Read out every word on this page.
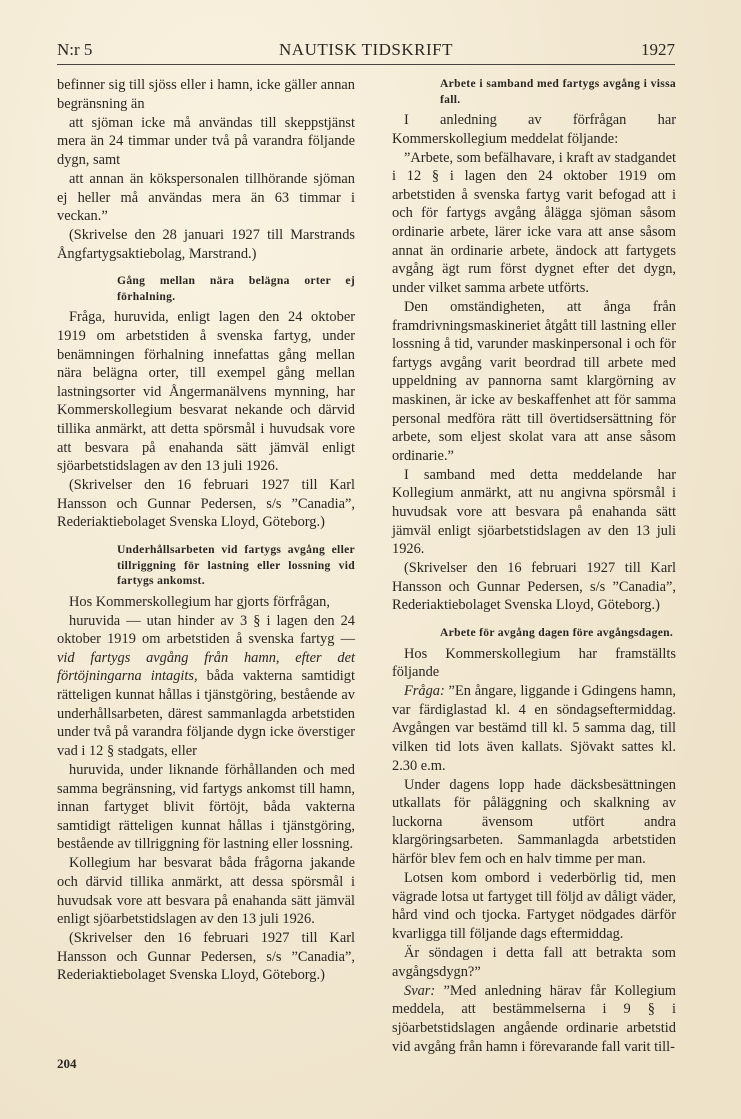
NAUTISK TIDSKRIFT
N:r 5	1927

befinner sig till sjöss eller i hamn, icke gäller annan begränsning än

att sjöman icke må användas till skeppstjänst mera än 24 timmar under två på varandra följande dygn, samt

att annan än kökspersonalen tillhörande sjöman ej heller må användas mera än 63 timmar i veckan.”

(Skrivelse den 28 januari 1927 till Marstrands Ångfartygsaktiebolag, Marstrand.)

Gång mellan nära belägna orter ej förhalning.

Fråga, huruvida, enligt lagen den 24 oktober 1919 om arbetstiden å svenska fartyg, under benämningen förhalning innefattas gång mellan nära belägna orter, till exempel gång mellan lastningsorter vid Ångermanälvens mynning, har Kommerskollegium besvarat nekande och därvid tillika anmärkt, att detta spörsmål i huvudsak vore att besvara på enahanda sätt jämväl enligt sjöarbetstidslagen av den 13 juli 1926.

(Skrivelser den 16 februari 1927 till Karl Hansson och Gunnar Pedersen, s/s ”Canadia”, Rederiaktiebolaget Svenska Lloyd, Göteborg.)

Underhållsarbeten vid fartygs avgång eller tillriggning för lastning eller lossning vid fartygs ankomst.

Hos Kommerskollegium har gjorts förfrågan,

huruvida — utan hinder av 3 § i lagen den 24 oktober 1919 om arbetstiden å svenska fartyg — vid fartygs avgång från hamn, efter det förtöjningarna intagits, båda vakterna samtidigt rätteligen kunnat hållas i tjänstgöring, bestående av underhållsarbeten, därest sammanlagda arbetstiden under två på varandra följande dygn icke överstiger vad i 12 § stadgats, eller

huruvida, under liknande förhållanden och med samma begränsning, vid fartygs ankomst till hamn, innan fartyget blivit förtöjt, båda vakterna samtidigt rätteligen kunnat hållas i tjänstgöring, bestående av tillriggning för lastning eller lossning.

Kollegium har besvarat båda frågorna jakande och därvid tillika anmärkt, att dessa spörsmål i huvudsak vore att besvara på enahanda sätt jämväl enligt sjöarbetstidslagen av den 13 juli 1926.

(Skrivelser den 16 februari 1927 till Karl Hansson och Gunnar Pedersen, s/s ”Canadia”, Rederiaktiebolaget Svenska Lloyd, Göteborg.)

Arbete i samband med fartygs avgång i vissa fall.

I anledning av förfrågan har Kommerskollegium meddelat följande:

”Arbete, som befälhavare, i kraft av stadgandet i 12 § i lagen den 24 oktober 1919 om arbetstiden å svenska fartyg varit befogad att i och för fartygs avgång ålägga sjöman såsom ordinarie arbete, lärer icke vara att anse såsom annat än ordinarie arbete, ändock att fartygets avgång ägt rum först dygnet efter det dygn, under vilket samma arbete utförts.

Den omständigheten, att ånga från framdrivningsmaskineriet åtgått till lastning eller lossning å tid, varunder maskinpersonal i och för fartygs avgång varit beordrad till arbete med uppeldning av pannorna samt klargörning av maskinen, är icke av beskaffenhet att för samma personal medföra rätt till övertidsersättning för arbete, som eljest skolat vara att anse såsom ordinarie.”

I samband med detta meddelande har Kollegium anmärkt, att nu angivna spörsmål i huvudsak vore att besvara på enahanda sätt jämväl enligt sjöarbetstidslagen av den 13 juli 1926.

(Skrivelser den 16 februari 1927 till Karl Hansson och Gunnar Pedersen, s/s ”Canadia”, Rederiaktiebolaget Svenska Lloyd, Göteborg.)

Arbete för avgång dagen före avgångsdagen.

Hos Kommerskollegium har framställts följande

Fråga: ”En ångare, liggande i Gdingens hamn, var färdiglastad kl. 4 en söndagseftermiddag. Avgången var bestämd till kl. 5 samma dag, till vilken tid lots även kallats. Sjövakt sattes kl. 2.30 e.m.

Under dagens lopp hade däcksbesättningen utkallats för påläggning och skalkning av luckorna ävensom utfört andra klargöringsarbeten. Sammanlagda arbetstiden härför blev fem och en halv timme per man.

Lotsen kom ombord i vederbörlig tid, men vägrade lotsa ut fartyget till följd av dåligt väder, hård vind och tjocka. Fartyget nödgades därför kvarligga till följande dags eftermiddag.

Är söndagen i detta fall att betrakta som avgångsdygn?”

Svar: ”Med anledning härav får Kollegium meddela, att bestämmelserna i 9 § i sjöarbetstidslagen angående ordinarie arbetstid vid avgång från hamn i förevarande fall varit till-

204
